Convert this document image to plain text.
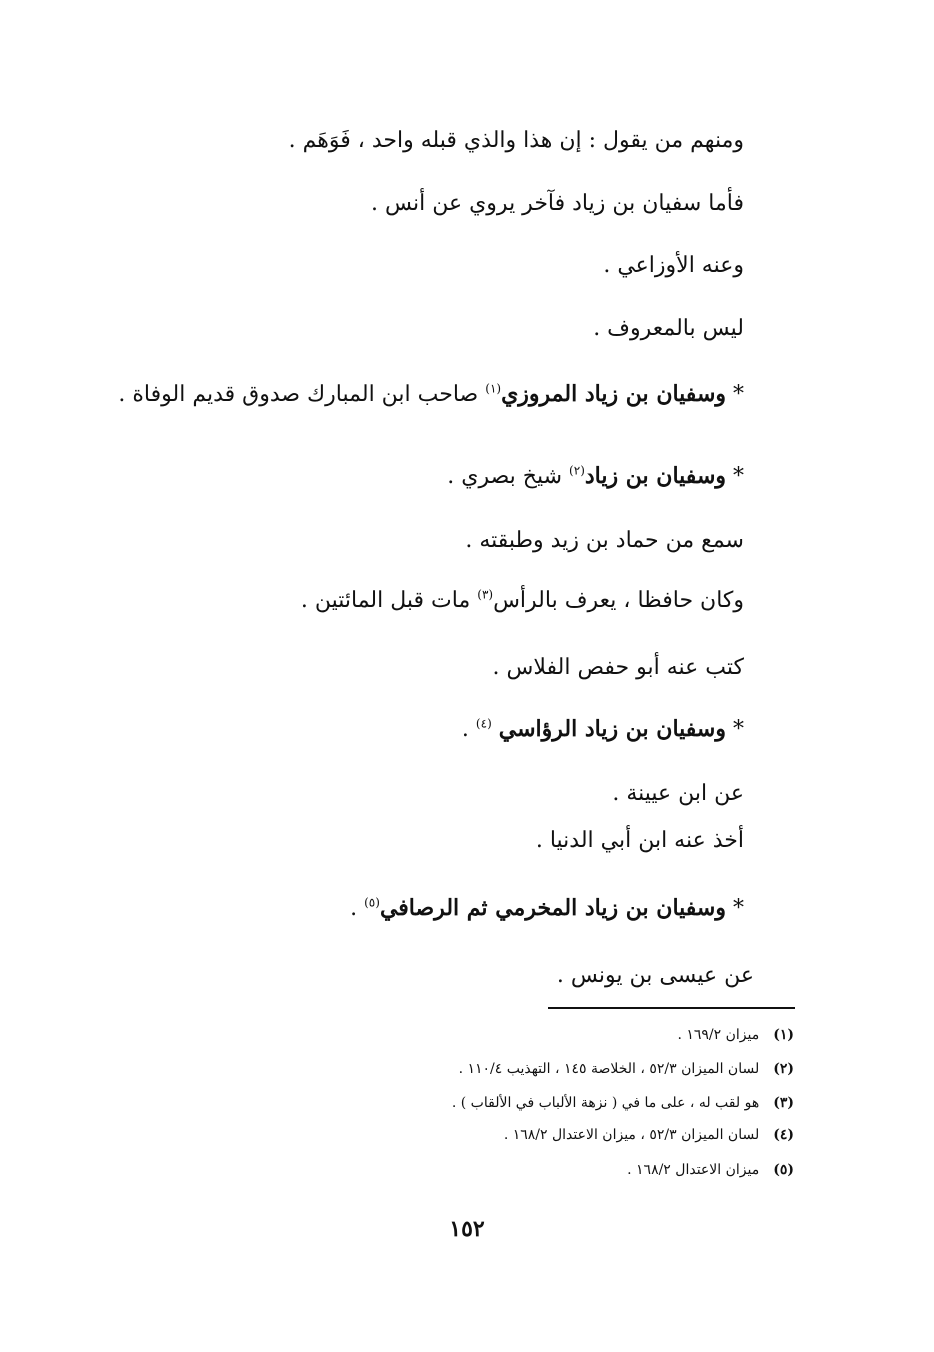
ومنهم من يقول : إن هذا والذي قبله واحد ، فَوَهَم .
فأما سفيان بن زياد فآخر يروي عن أنس .
وعنه الأوزاعي .
ليس بالمعروف .
* وسفيان بن زياد المروزي$^{(١)}$ صاحب ابن المبارك صدوق قديم الوفاة .
* وسفيان بن زياد$^{(٢)}$ شيخ بصري .
سمع من حماد بن زيد وطبقته .
وكان حافظا ، يعرف بالرأس$^{(٣)}$ مات قبل المائتين .
كتب عنه أبو حفص الفلاس .
* وسفيان بن زياد الرؤاسي $^{(٤)}$ .
عن ابن عيينة .
أخذ عنه ابن أبي الدنيا .
* وسفيان بن زياد المخرمي ثم الرصافي$^{(٥)}$ .
عن عيسى بن يونس .
(١)ميزان ١٦٩/٢ .
(٢)لسان الميزان ٥٢/٣ ، الخلاصة ١٤٥ ، التهذيب ١١٠/٤ .
(٣)هو لقب له ، على ما في ( نزهة الألباب في الألقاب ) .
(٤)لسان الميزان ٥٢/٣ ، ميزان الاعتدال ١٦٨/٢ .
(٥)ميزان الاعتدال ١٦٨/٢ .
١٥٢
